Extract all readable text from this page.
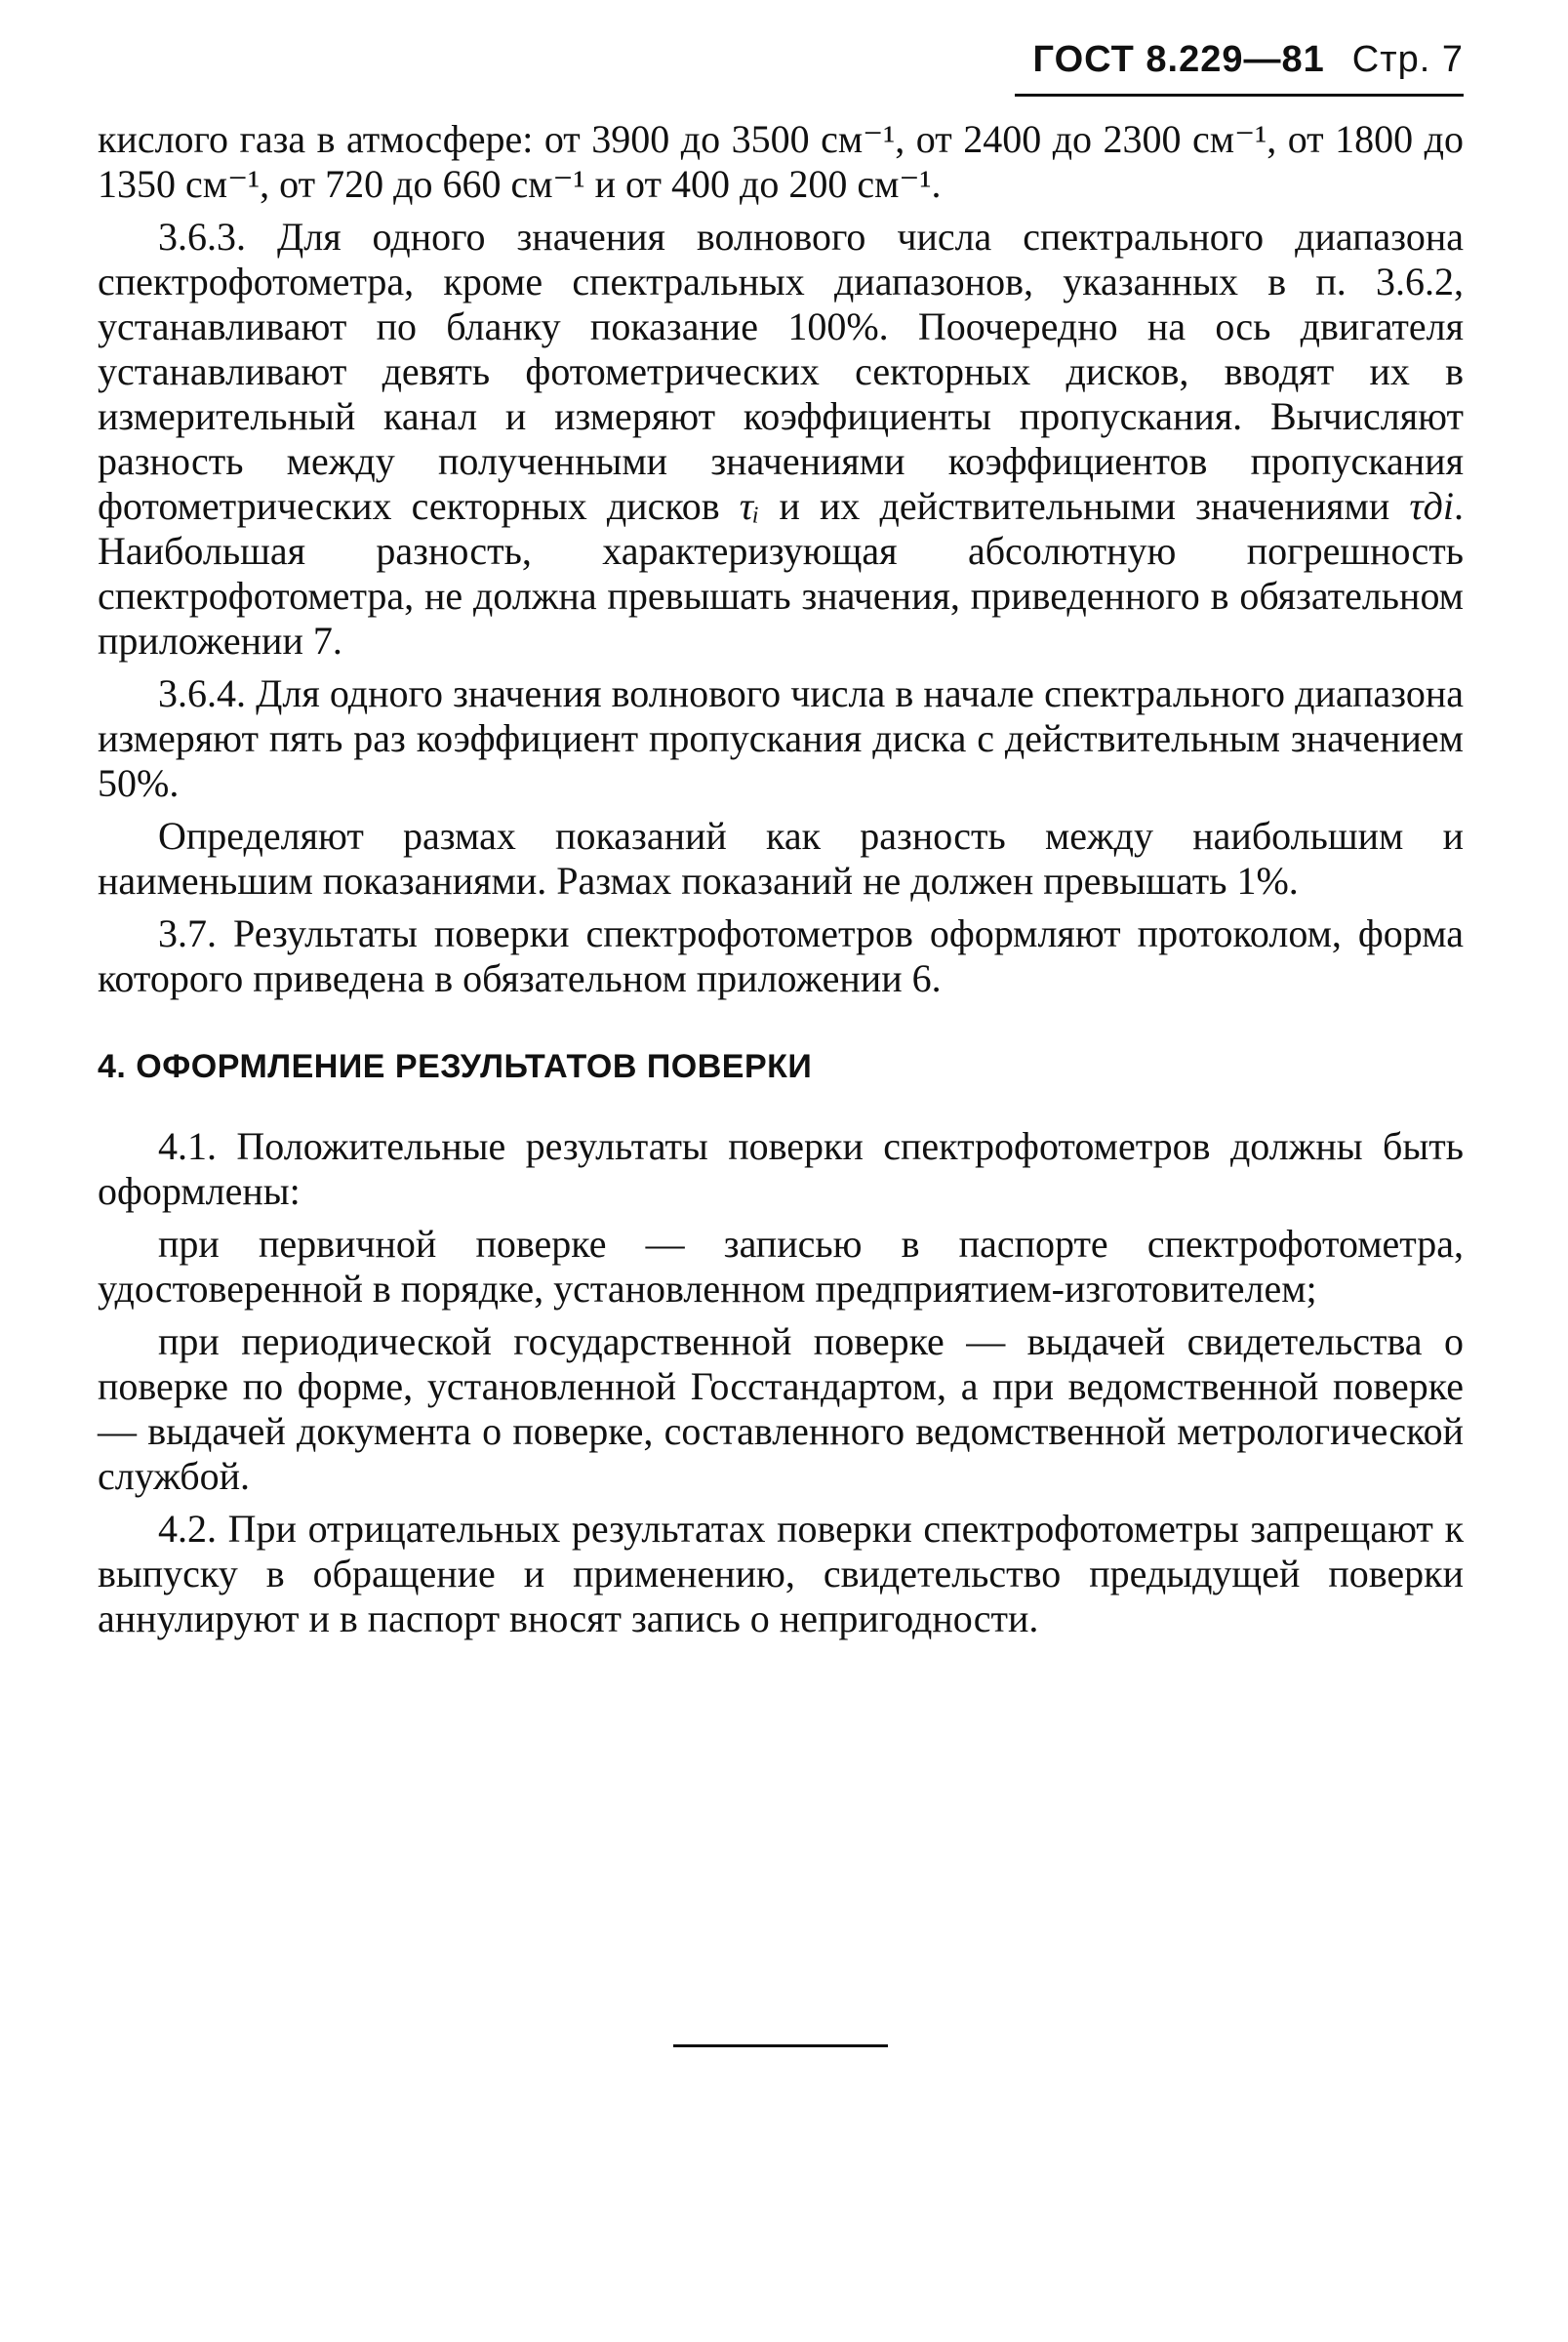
ГОСТ 8.229—81 Стр. 7

кислого газа в атмосфере: от 3900 до 3500 см⁻¹, от 2400 до 2300 см⁻¹, от 1800 до 1350 см⁻¹, от 720 до 660 см⁻¹ и от 400 до 200 см⁻¹.

3.6.3. Для одного значения волнового числа спектрального диапазона спектрофотометра, кроме спектральных диапазонов, указанных в п. 3.6.2, устанавливают по бланку показание 100%. Поочередно на ось двигателя устанавливают девять фотометрических секторных дисков, вводят их в измерительный канал и измеряют коэффициенты пропускания. Вычисляют разность между полученными значениями коэффициентов пропускания фотометрических секторных дисков τᵢ и их действительными значениями τдi. Наибольшая разность, характеризующая абсолютную погрешность спектрофотометра, не должна превышать значения, приведенного в обязательном приложении 7.

3.6.4. Для одного значения волнового числа в начале спектрального диапазона измеряют пять раз коэффициент пропускания диска с действительным значением 50%.

Определяют размах показаний как разность между наибольшим и наименьшим показаниями. Размах показаний не должен превышать 1%.

3.7. Результаты поверки спектрофотометров оформляют протоколом, форма которого приведена в обязательном приложении 6.

4. ОФОРМЛЕНИЕ РЕЗУЛЬТАТОВ ПОВЕРКИ

4.1. Положительные результаты поверки спектрофотометров должны быть оформлены:

при первичной поверке — записью в паспорте спектрофотометра, удостоверенной в порядке, установленном предприятием-изготовителем;

при периодической государственной поверке — выдачей свидетельства о поверке по форме, установленной Госстандартом, а при ведомственной поверке — выдачей документа о поверке, составленного ведомственной метрологической службой.

4.2. При отрицательных результатах поверки спектрофотометры запрещают к выпуску в обращение и применению, свидетельство предыдущей поверки аннулируют и в паспорт вносят запись о непригодности.
